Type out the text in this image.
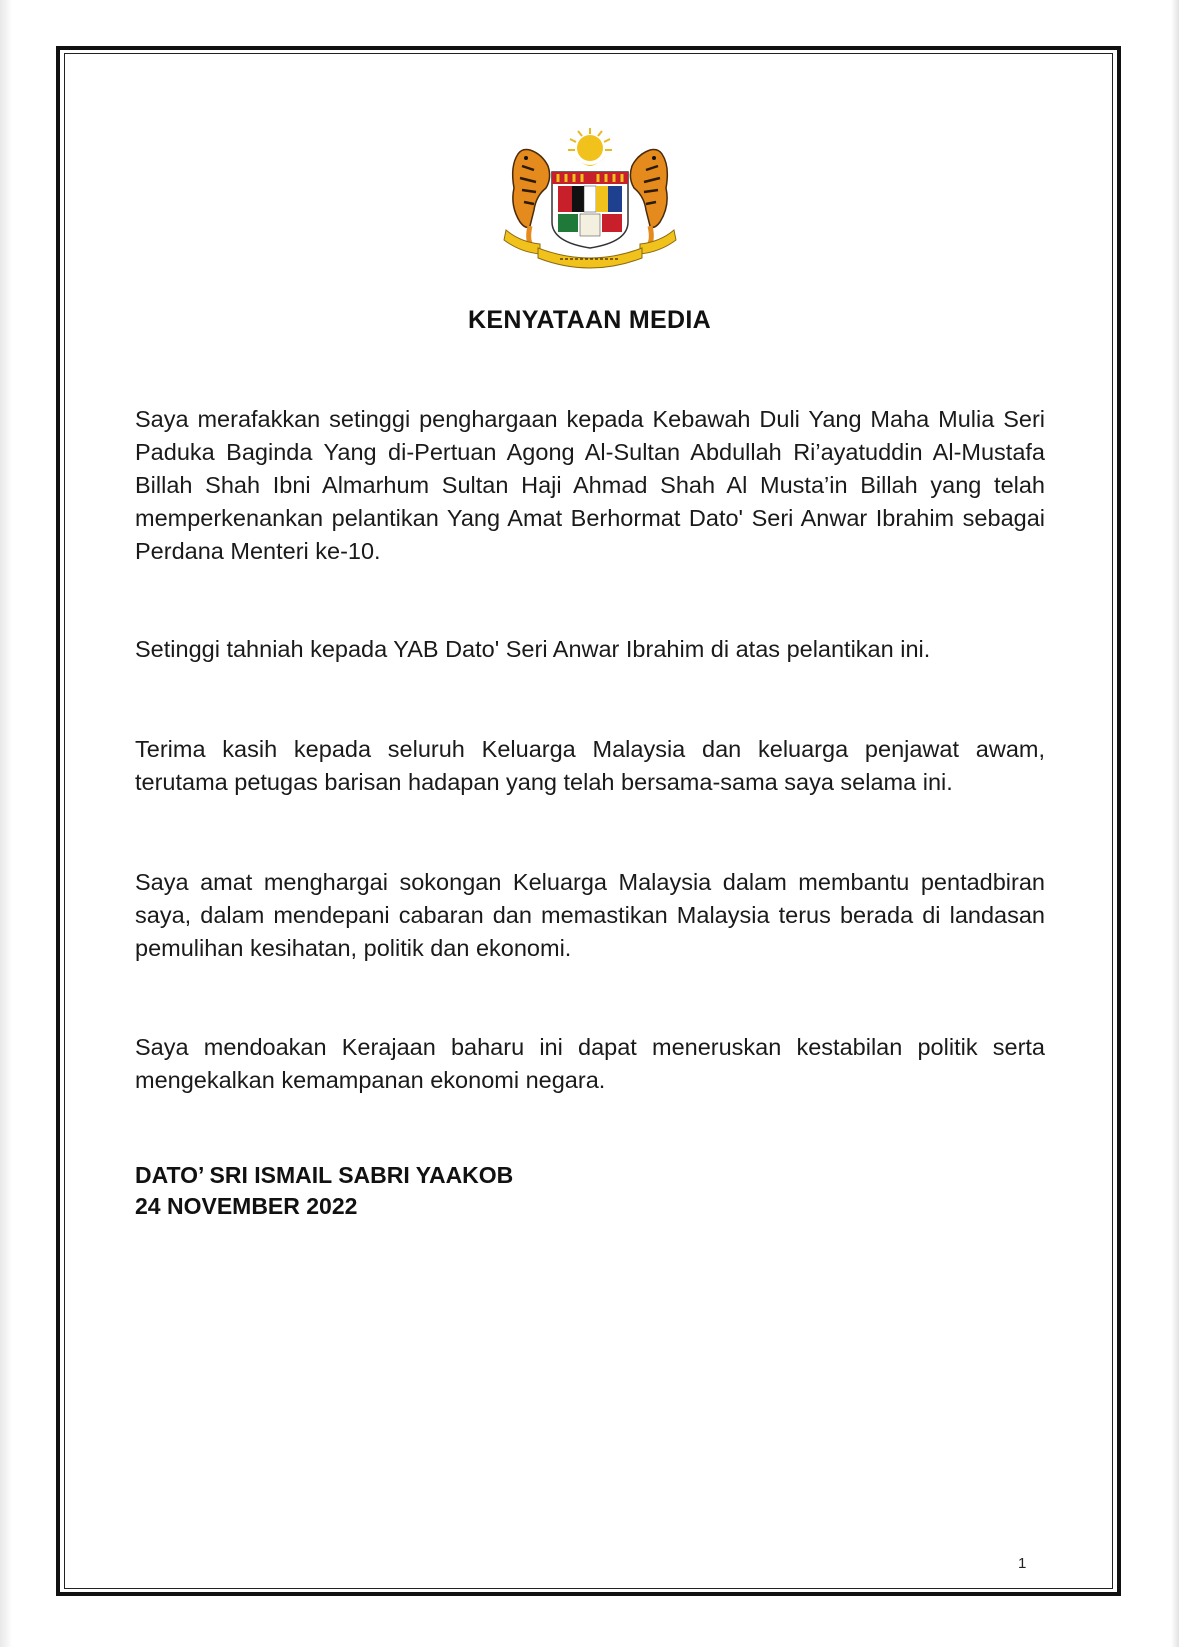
KENYATAAN MEDIA
Saya merafakkan setinggi penghargaan kepada Kebawah Duli Yang Maha Mulia Seri Paduka Baginda Yang di-Pertuan Agong Al-Sultan Abdullah Ri’ayatuddin Al-Mustafa Billah Shah Ibni Almarhum Sultan Haji Ahmad Shah Al Musta’in Billah yang telah memperkenankan pelantikan Yang Amat Berhormat Dato' Seri Anwar Ibrahim sebagai Perdana Menteri ke-10.
Setinggi tahniah kepada YAB Dato' Seri Anwar Ibrahim di atas pelantikan ini.
Terima kasih kepada seluruh Keluarga Malaysia dan keluarga penjawat awam, terutama petugas barisan hadapan yang telah bersama-sama saya selama ini.
Saya amat menghargai sokongan Keluarga Malaysia dalam membantu pentadbiran saya, dalam mendepani cabaran dan memastikan Malaysia terus berada di landasan pemulihan kesihatan, politik dan ekonomi.
Saya mendoakan Kerajaan baharu ini dapat meneruskan kestabilan politik serta mengekalkan kemampanan ekonomi negara.
DATO’ SRI ISMAIL SABRI YAAKOB
24 NOVEMBER 2022
1
